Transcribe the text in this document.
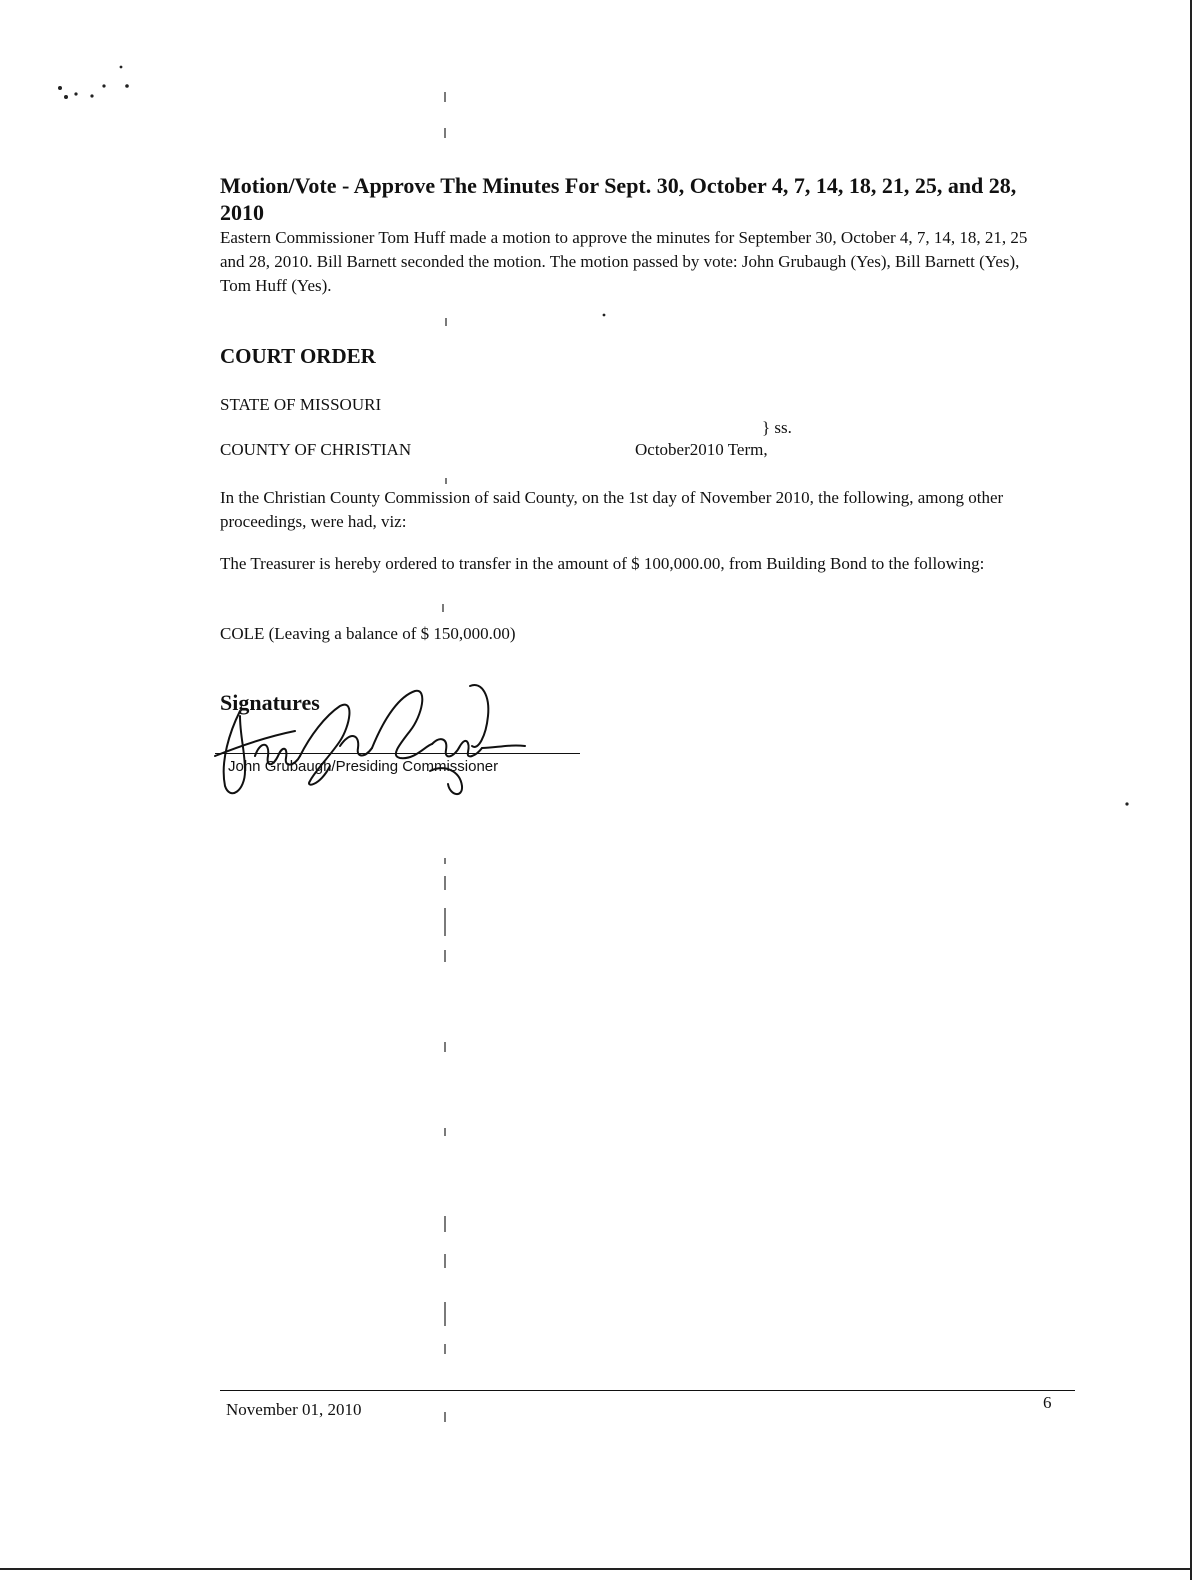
Motion/Vote - Approve The Minutes For Sept. 30, October 4, 7, 14, 18, 21, 25, and 28, 2010
Eastern Commissioner Tom Huff made a motion to approve the minutes for September 30, October 4, 7, 14, 18, 21, 25 and 28, 2010. Bill Barnett seconded the motion. The motion passed by vote: John Grubaugh (Yes), Bill Barnett (Yes), Tom Huff (Yes).
COURT ORDER
STATE OF MISSOURI
} ss.
COUNTY OF CHRISTIAN	October2010 Term,
In the Christian County Commission of said County, on the 1st day of November 2010, the following, among other proceedings, were had, viz:
The Treasurer is hereby ordered to transfer in the amount of $ 100,000.00, from Building Bond to the following:
COLE (Leaving a balance of $ 150,000.00)
Signatures
John Grubaugh/Presiding Commissioner
November 01, 2010	6
